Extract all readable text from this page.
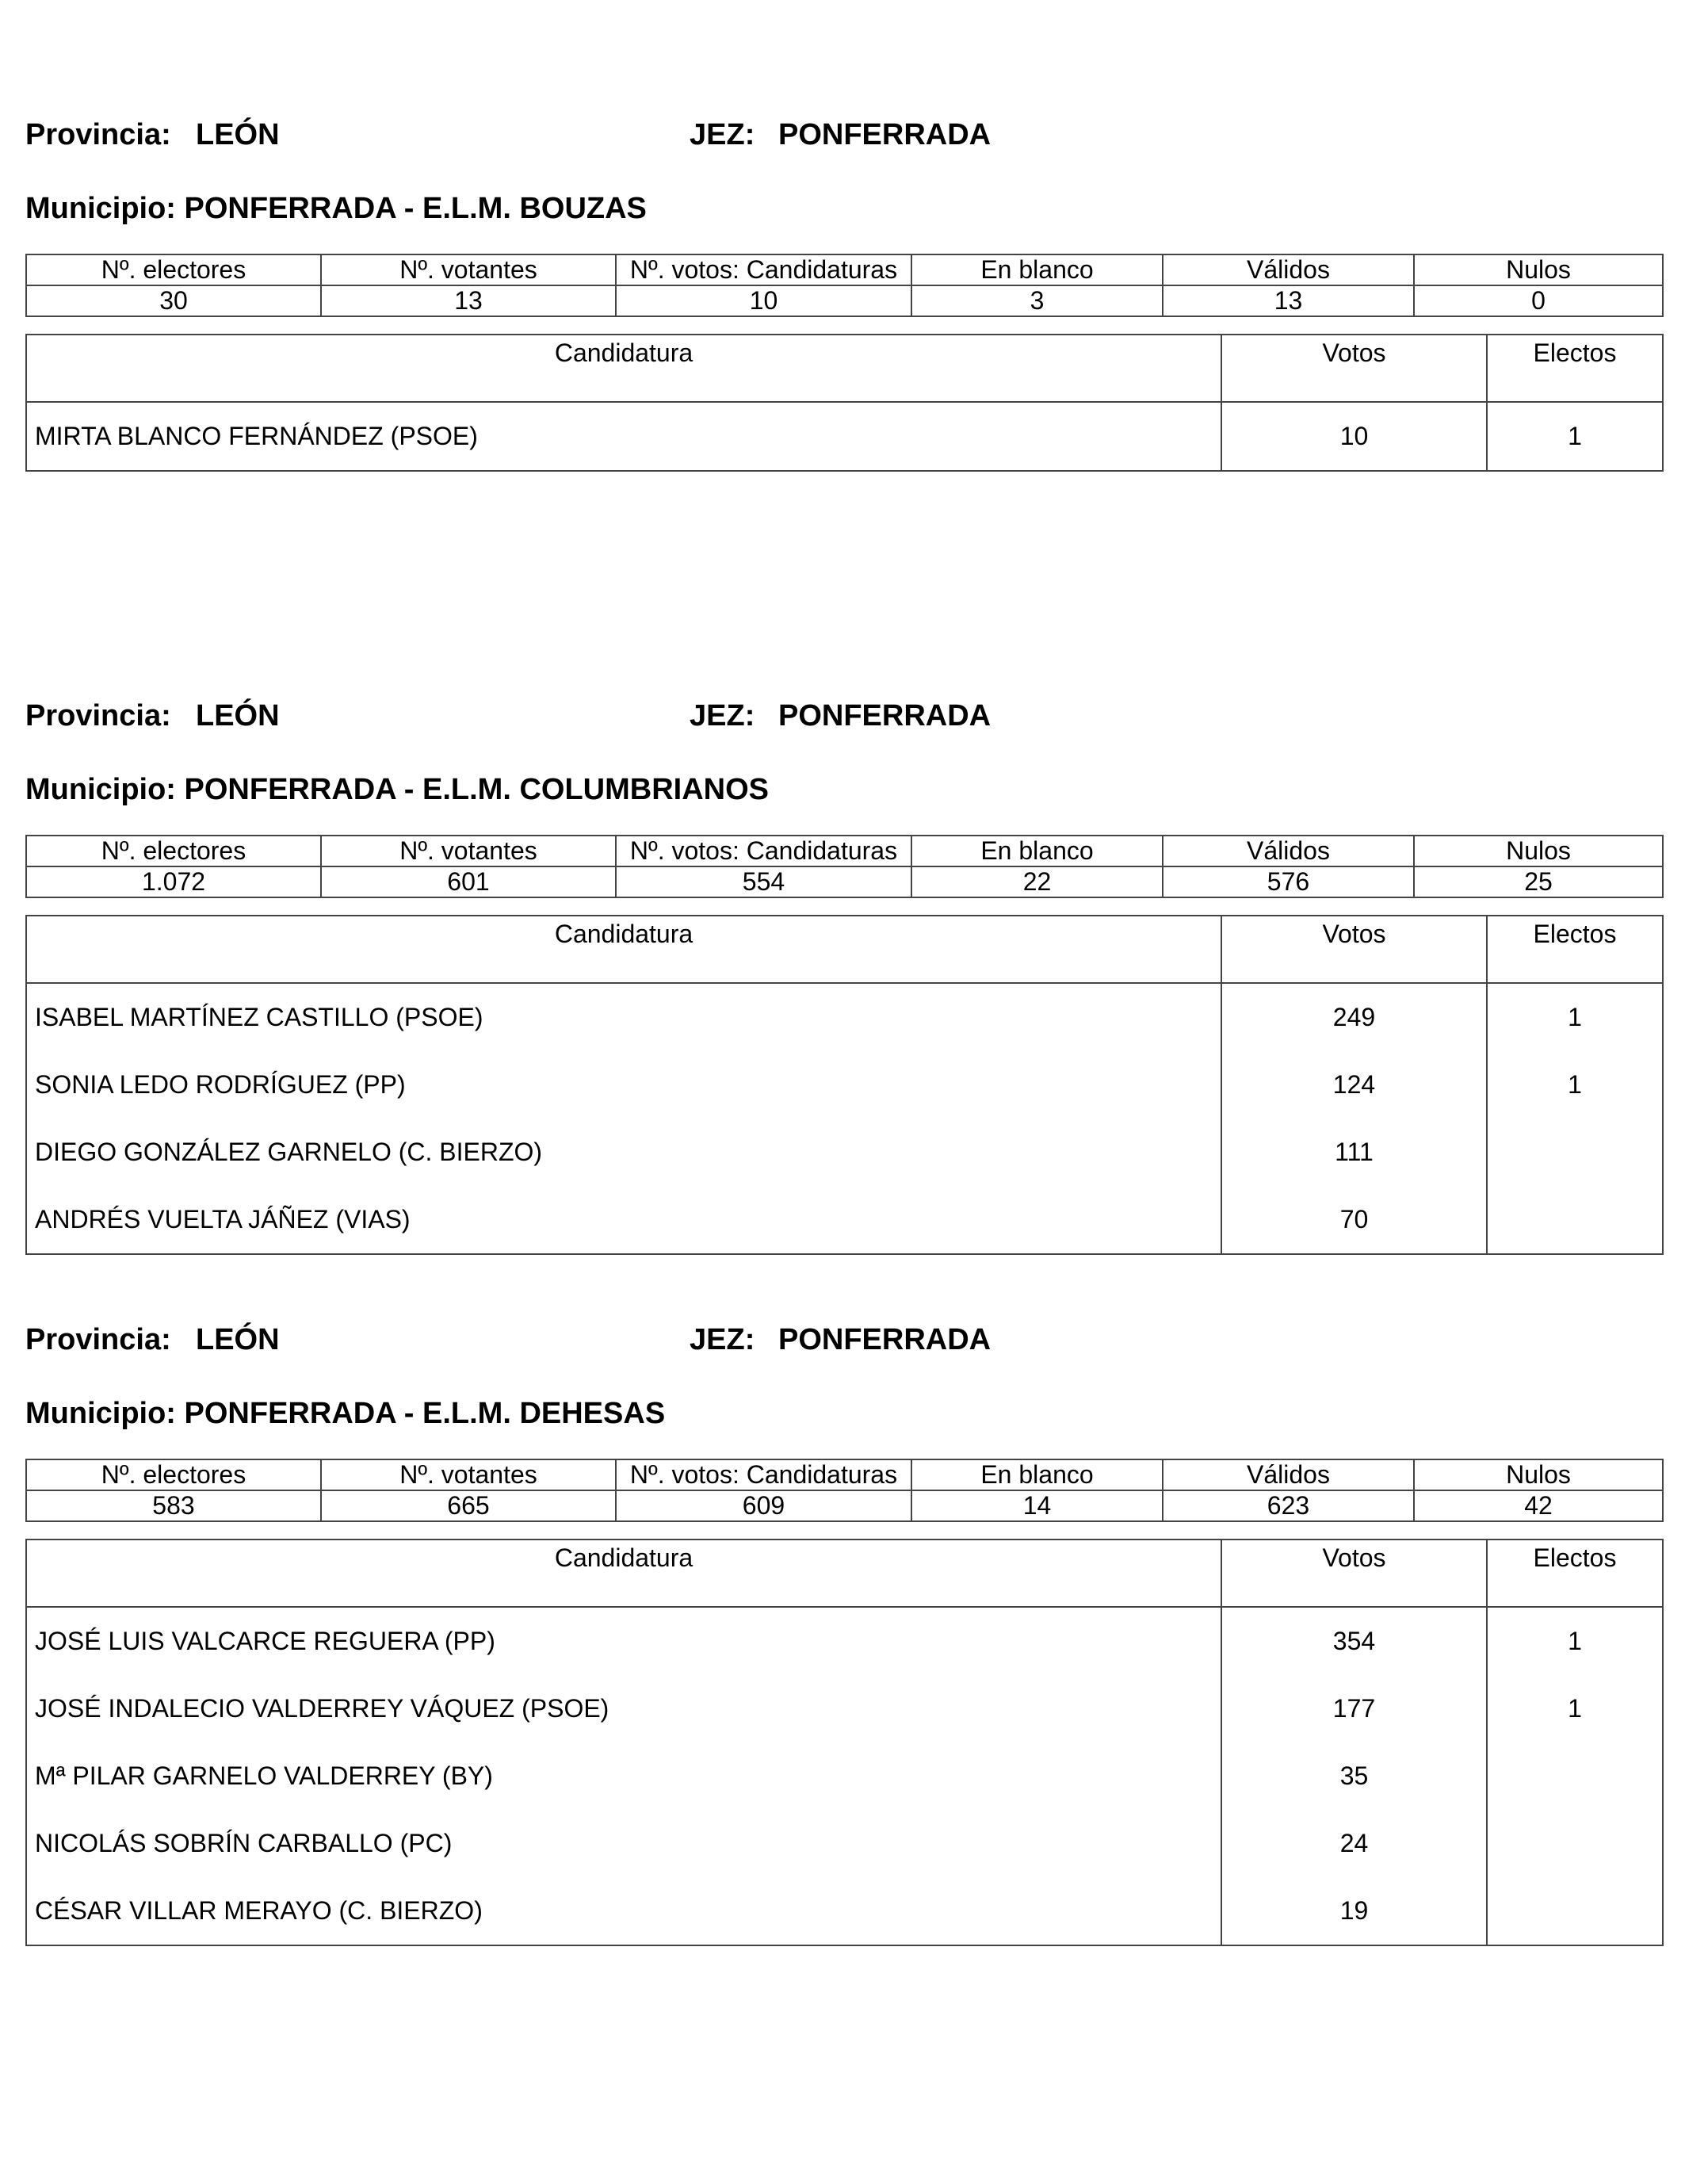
Provincia: LEÓN	JEZ: PONFERRADA
Municipio: PONFERRADA - E.L.M. BOUZAS
Nº. electores	Nº. votantes	Nº. votos: Candidaturas	En blanco	Válidos	Nulos
30	13	10	3	13	0
Candidatura	Votos	Electos
MIRTA BLANCO FERNÁNDEZ (PSOE)	10	1
Provincia: LEÓN	JEZ: PONFERRADA
Municipio: PONFERRADA - E.L.M. COLUMBRIANOS
Nº. electores	Nº. votantes	Nº. votos: Candidaturas	En blanco	Válidos	Nulos
1.072	601	554	22	576	25
Candidatura	Votos	Electos
ISABEL MARTÍNEZ CASTILLO (PSOE)	249	1
SONIA LEDO RODRÍGUEZ (PP)	124	1
DIEGO GONZÁLEZ GARNELO (C. BIERZO)	111	
ANDRÉS VUELTA JÁÑEZ (VIAS)	70	
Provincia: LEÓN	JEZ: PONFERRADA
Municipio: PONFERRADA - E.L.M. DEHESAS
Nº. electores	Nº. votantes	Nº. votos: Candidaturas	En blanco	Válidos	Nulos
583	665	609	14	623	42
Candidatura	Votos	Electos
JOSÉ LUIS VALCARCE REGUERA (PP)	354	1
JOSÉ INDALECIO VALDERREY VÁQUEZ (PSOE)	177	1
Mª PILAR GARNELO VALDERREY (BY)	35	
NICOLÁS SOBRÍN CARBALLO (PC)	24	
CÉSAR VILLAR MERAYO (C. BIERZO)	19	
